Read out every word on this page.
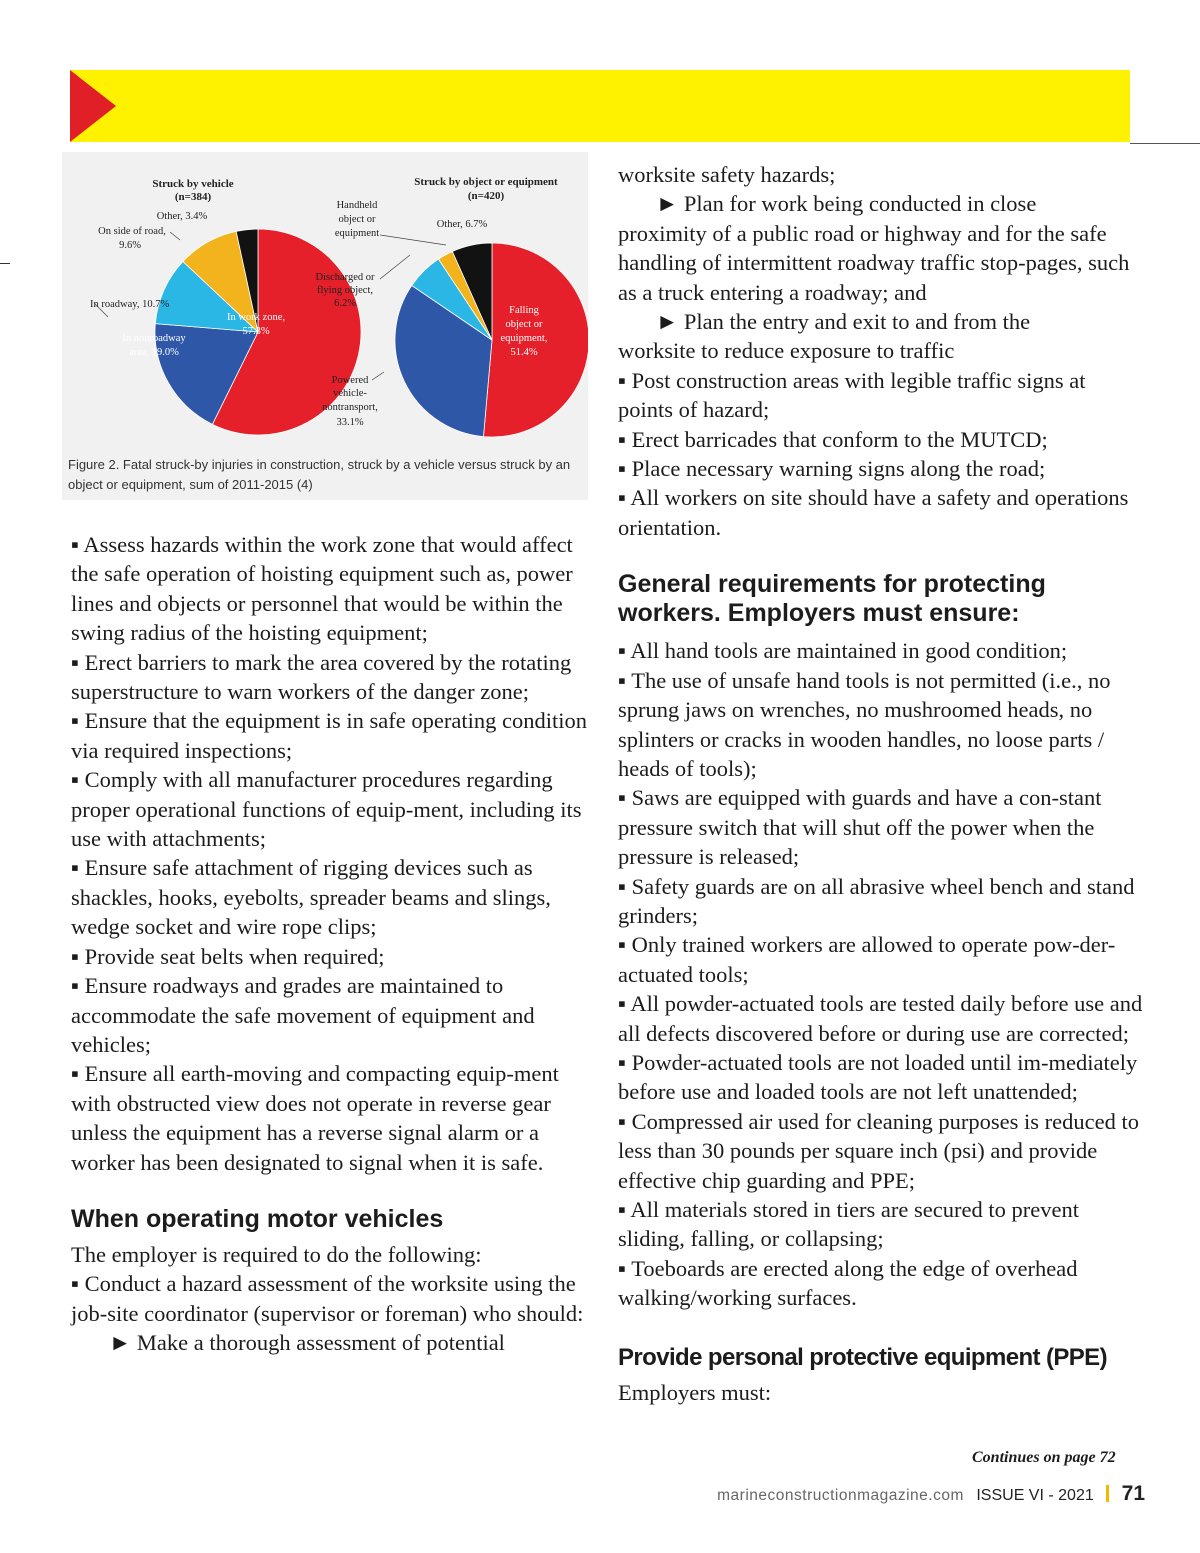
Struck by vehicle
(n=384)
Other, 3.4%
On side of road,
9.6%
In roadway, 10.7%
In work zone,
57.3%
In nonroadway
area, 19.0%
Struck by object or equipment
(n=420)
Handheld
object or
equipment
Other, 6.7%
Discharged or
flying object,
6.2%
Falling
object or
equipment,
51.4%
Powered
vehicle-
nontransport,
33.1%
Figure 2. Fatal struck-by injuries in construction, struck by a vehicle versus struck by an object or equipment, sum of 2011-2015 (4)

▪ Assess hazards within the work zone that would affect the safe operation of hoisting equipment such as, power lines and objects or personnel that would be within the swing radius of the hoisting equipment;

▪ Erect barriers to mark the area covered by the rotating superstructure to warn workers of the danger zone;

▪ Ensure that the equipment is in safe operating condition via required inspections;

▪ Comply with all manufacturer procedures regarding proper operational functions of equip-ment, including its use with attachments;

▪ Ensure safe attachment of rigging devices such as shackles, hooks, eyebolts, spreader beams and slings, wedge socket and wire rope clips;

▪ Provide seat belts when required;

▪ Ensure roadways and grades are maintained to accommodate the safe movement of equipment and vehicles;

▪ Ensure all earth-moving and compacting equip-ment with obstructed view does not operate in reverse gear unless the equipment has a reverse signal alarm or a worker has been designated to signal when it is safe.

When operating motor vehicles

The employer is required to do the following:

▪ Conduct a hazard assessment of the worksite using the job-site coordinator (supervisor or foreman) who should:

► Make a thorough assessment of potential

worksite safety hazards;

► Plan for work being conducted in close

proximity of a public road or highway and for the safe handling of intermittent roadway traffic stop-pages, such as a truck entering a roadway; and

► Plan the entry and exit to and from the

worksite to reduce exposure to traffic

▪ Post construction areas with legible traffic signs at points of hazard;

▪ Erect barricades that conform to the MUTCD;

▪ Place necessary warning signs along the road;

▪ All workers on site should have a safety and operations orientation.

General requirements for protecting workers. Employers must ensure:

▪ All hand tools are maintained in good condition;

▪ The use of unsafe hand tools is not permitted (i.e., no sprung jaws on wrenches, no mushroomed heads, no splinters or cracks in wooden handles, no loose parts / heads of tools);

▪ Saws are equipped with guards and have a con-stant pressure switch that will shut off the power when the pressure is released;

▪ Safety guards are on all abrasive wheel bench and stand grinders;

▪ Only trained workers are allowed to operate pow-der-actuated tools;

▪ All powder-actuated tools are tested daily before use and all defects discovered before or during use are corrected;

▪ Powder-actuated tools are not loaded until im-mediately before use and loaded tools are not left unattended;

▪ Compressed air used for cleaning purposes is reduced to less than 30 pounds per square inch (psi) and provide effective chip guarding and PPE;

▪ All materials stored in tiers are secured to prevent sliding, falling, or collapsing;

▪ Toeboards are erected along the edge of overhead walking/working surfaces.

Provide personal protective equipment (PPE)

Employers must:

Continues on page 72
marineconstructionmagazine.com ISSUE VI - 2021 71
